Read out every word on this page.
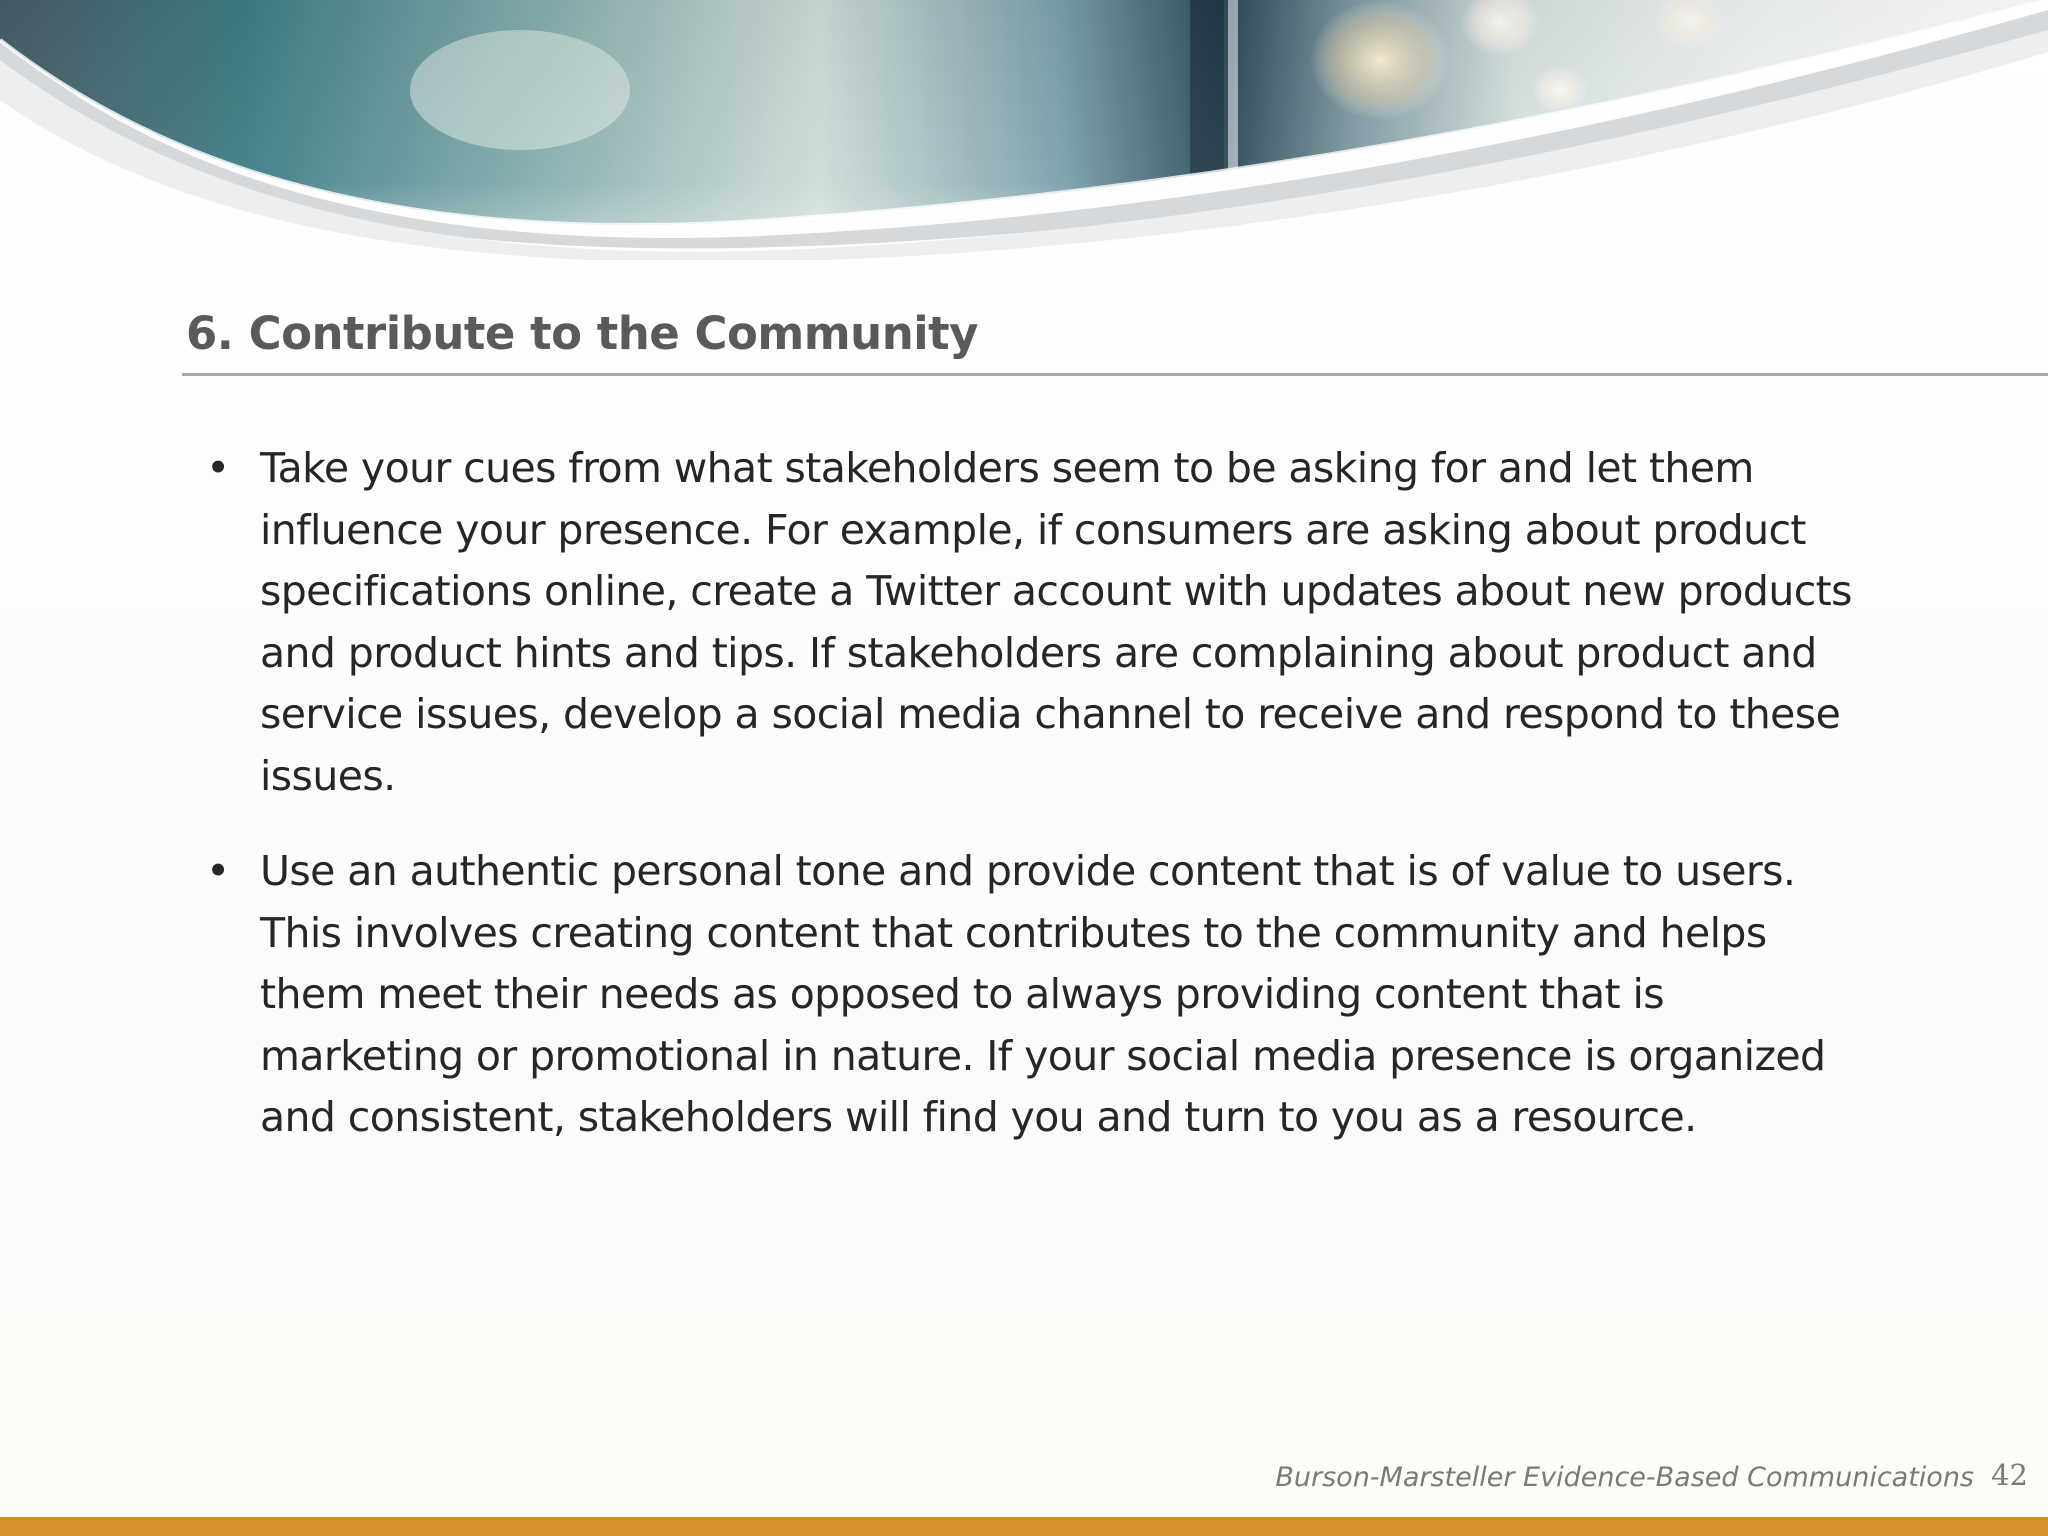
6. Contribute to the Community
• Take your cues from what stakeholders seem to be asking for and let them influence your presence. For example, if consumers are asking about product specifications online, create a Twitter account with updates about new products and product hints and tips. If stakeholders are complaining about product and service issues, develop a social media channel to receive and respond to these issues.
• Use an authentic personal tone and provide content that is of value to users. This involves creating content that contributes to the community and helps them meet their needs as opposed to always providing content that is marketing or promotional in nature. If your social media presence is organized and consistent, stakeholders will find you and turn to you as a resource.
Burson-Marsteller Evidence-Based Communications 42
